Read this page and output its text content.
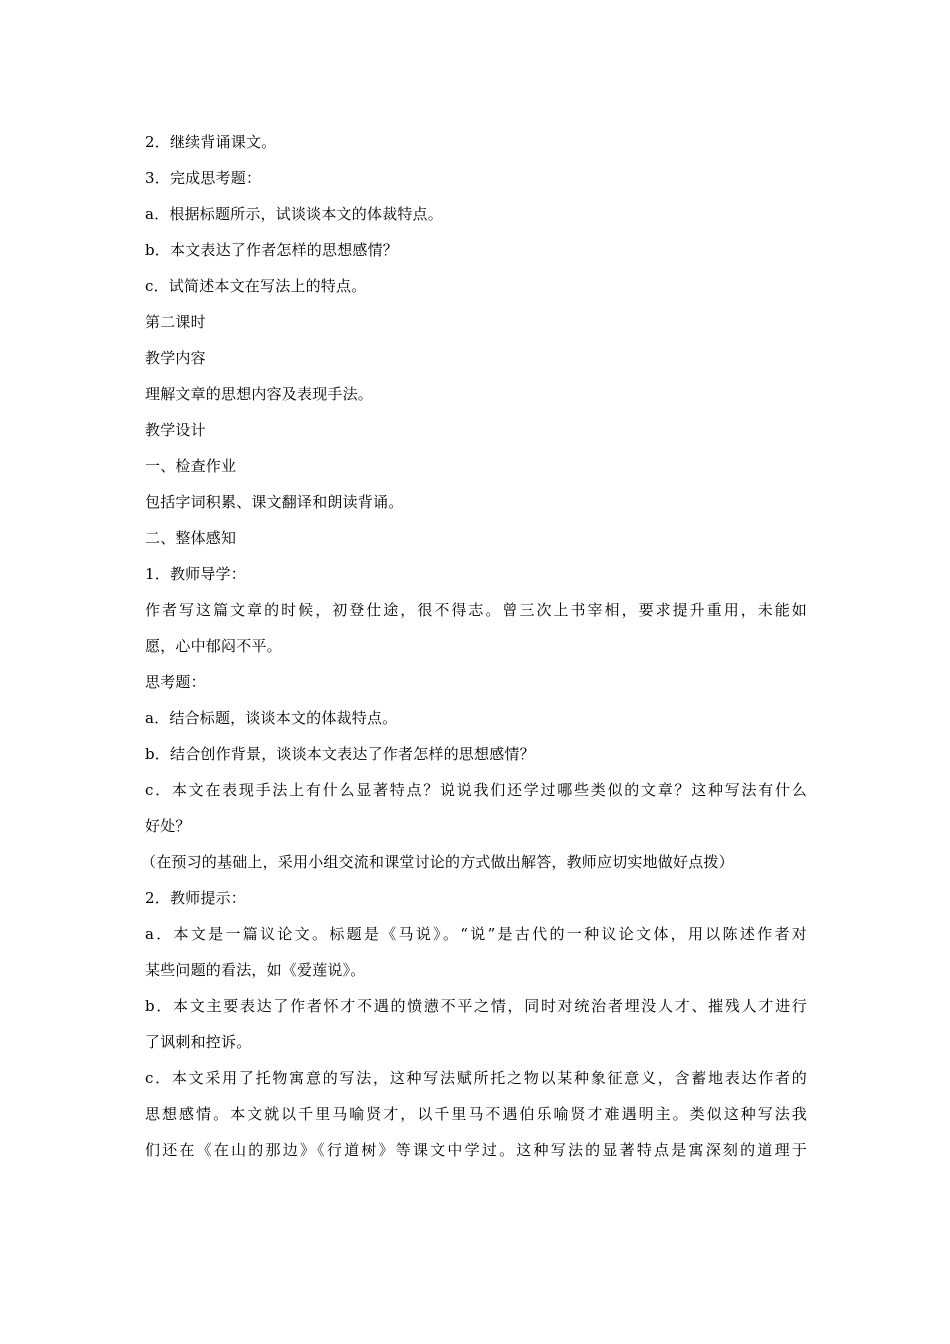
2．继续背诵课文。

3．完成思考题：

a．根据标题所示，试谈谈本文的体裁特点。

b．本文表达了作者怎样的思想感情？

c．试简述本文在写法上的特点。

第二课时

教学内容

理解文章的思想内容及表现手法。

教学设计

一、检查作业

包括字词积累、课文翻译和朗读背诵。

二、整体感知

1．教师导学：

作者写这篇文章的时候，初登仕途，很不得志。曾三次上书宰相，要求提升重用，未能如
愿，心中郁闷不平。

思考题：

a．结合标题，谈谈本文的体裁特点。

b．结合创作背景，谈谈本文表达了作者怎样的思想感情？

c．本文在表现手法上有什么显著特点？说说我们还学过哪些类似的文章？这种写法有什么
好处？

（在预习的基础上，采用小组交流和课堂讨论的方式做出解答，教师应切实地做好点拨）

2．教师提示：

a．本文是一篇议论文。标题是《马说》。“说”是古代的一种议论文体，用以陈述作者对
某些问题的看法，如《爱莲说》。
b．本文主要表达了作者怀才不遇的愤懑不平之情，同时对统治者埋没人才、摧残人才进行
了讽刺和控诉。
c．本文采用了托物寓意的写法，这种写法赋所托之物以某种象征意义，含蓄地表达作者的
思想感情。本文就以千里马喻贤才，以千里马不遇伯乐喻贤才难遇明主。类似这种写法我
们还在《在山的那边》《行道树》等课文中学过。这种写法的显著特点是寓深刻的道理于
